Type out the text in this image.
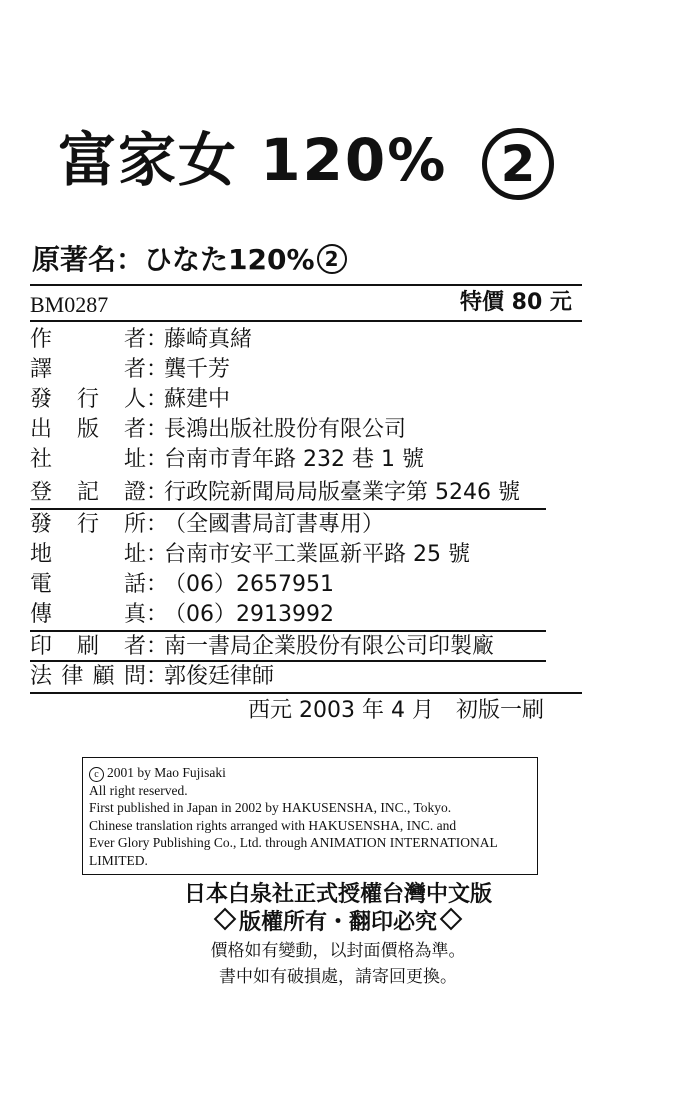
富家女 120%	2
原著名：ひなた120% 2
BM0287	特價 80 元
作者：藤崎真緒
譯者：龔千芳
發行人：蘇建中
出版者：長鴻出版社股份有限公司
社址：台南市青年路 232 巷 1 號
登記證：行政院新聞局局版臺業字第 5246 號
發行所：（全國書局訂書專用）
地址：台南市安平工業區新平路 25 號
電話：（06）2657951
傳真：（06）2913992
印刷者：南一書局企業股份有限公司印製廠
法律顧問：郭俊廷律師
西元 2003 年 4 月　初版一刷
c 2001 by Mao Fujisaki
All right reserved.
First published in Japan in 2002 by HAKUSENSHA, INC., Tokyo.
Chinese translation rights arranged with HAKUSENSHA, INC. and
Ever Glory Publishing Co., Ltd. through ANIMATION INTERNATIONAL
LIMITED.
日本白泉社正式授權台灣中文版
版權所有・翻印必究
價格如有變動，以封面價格為準。
書中如有破損處，請寄回更換。
